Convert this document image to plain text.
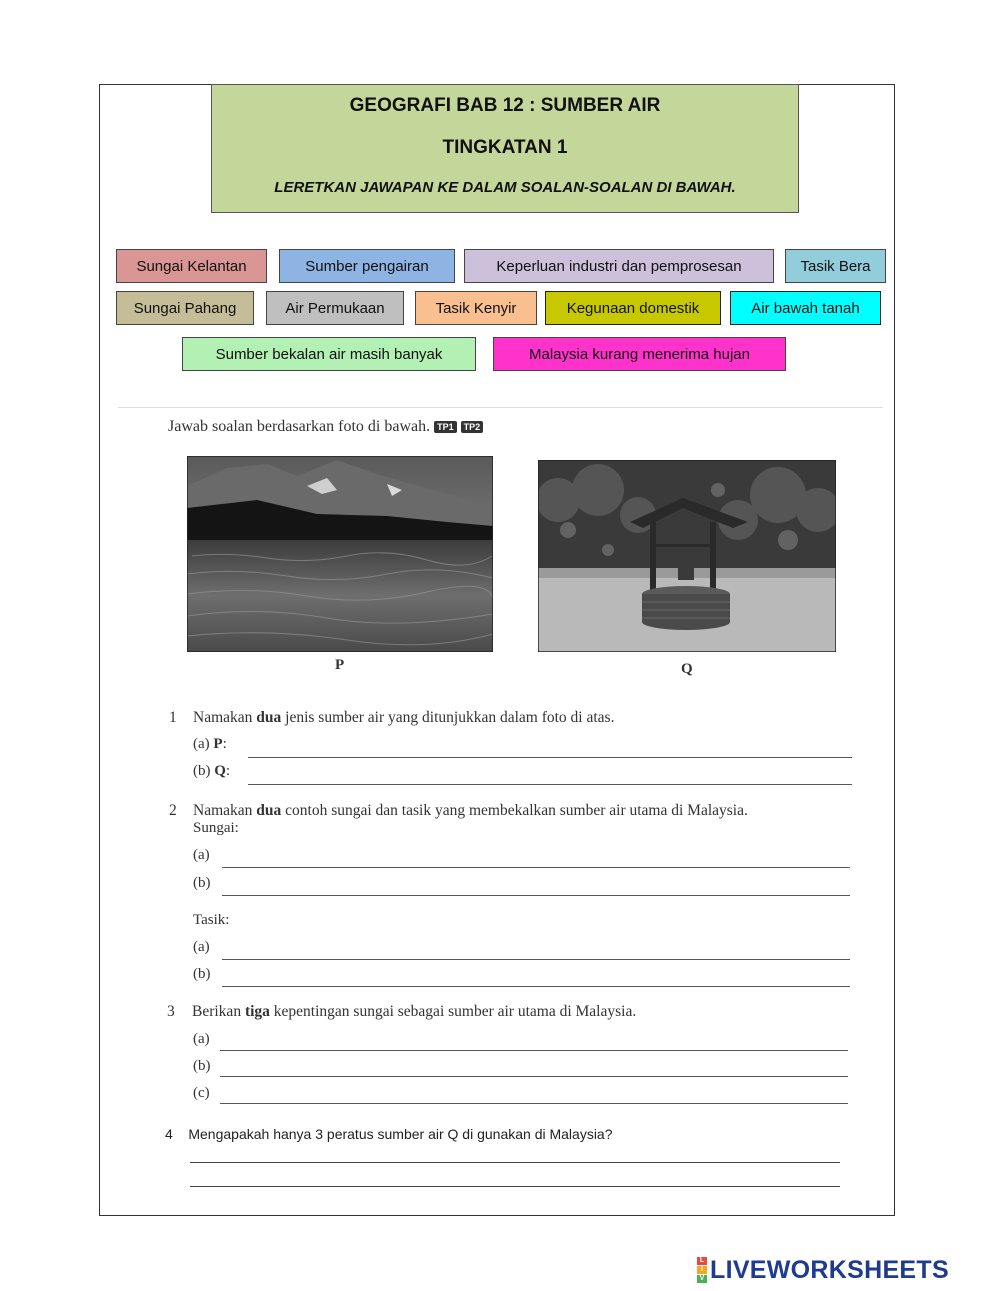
GEOGRAFI BAB 12 : SUMBER AIR
TINGKATAN 1
LERETKAN JAWAPAN KE DALAM SOALAN-SOALAN DI BAWAH.
Sungai Kelantan	Sumber pengairan	Keperluan industri dan pemprosesan	Tasik Bera
Sungai Pahang	Air Permukaan	Tasik Kenyir	Kegunaan domestik	Air bawah tanah
Sumber bekalan air masih banyak	Malaysia kurang menerima hujan
Jawab soalan berdasarkan foto di bawah. TP1 TP2
P	Q
1 Namakan dua jenis sumber air yang ditunjukkan dalam foto di atas.
(a) P:
(b) Q:
2 Namakan dua contoh sungai dan tasik yang membekalkan sumber air utama di Malaysia.
Sungai:
(a)
(b)
Tasik:
(a)
(b)
3 Berikan tiga kepentingan sungai sebagai sumber air utama di Malaysia.
(a)
(b)
(c)
4 Mengapakah hanya 3 peratus sumber air Q di gunakan di Malaysia?
L
I
V LIVEWORKSHEETS
